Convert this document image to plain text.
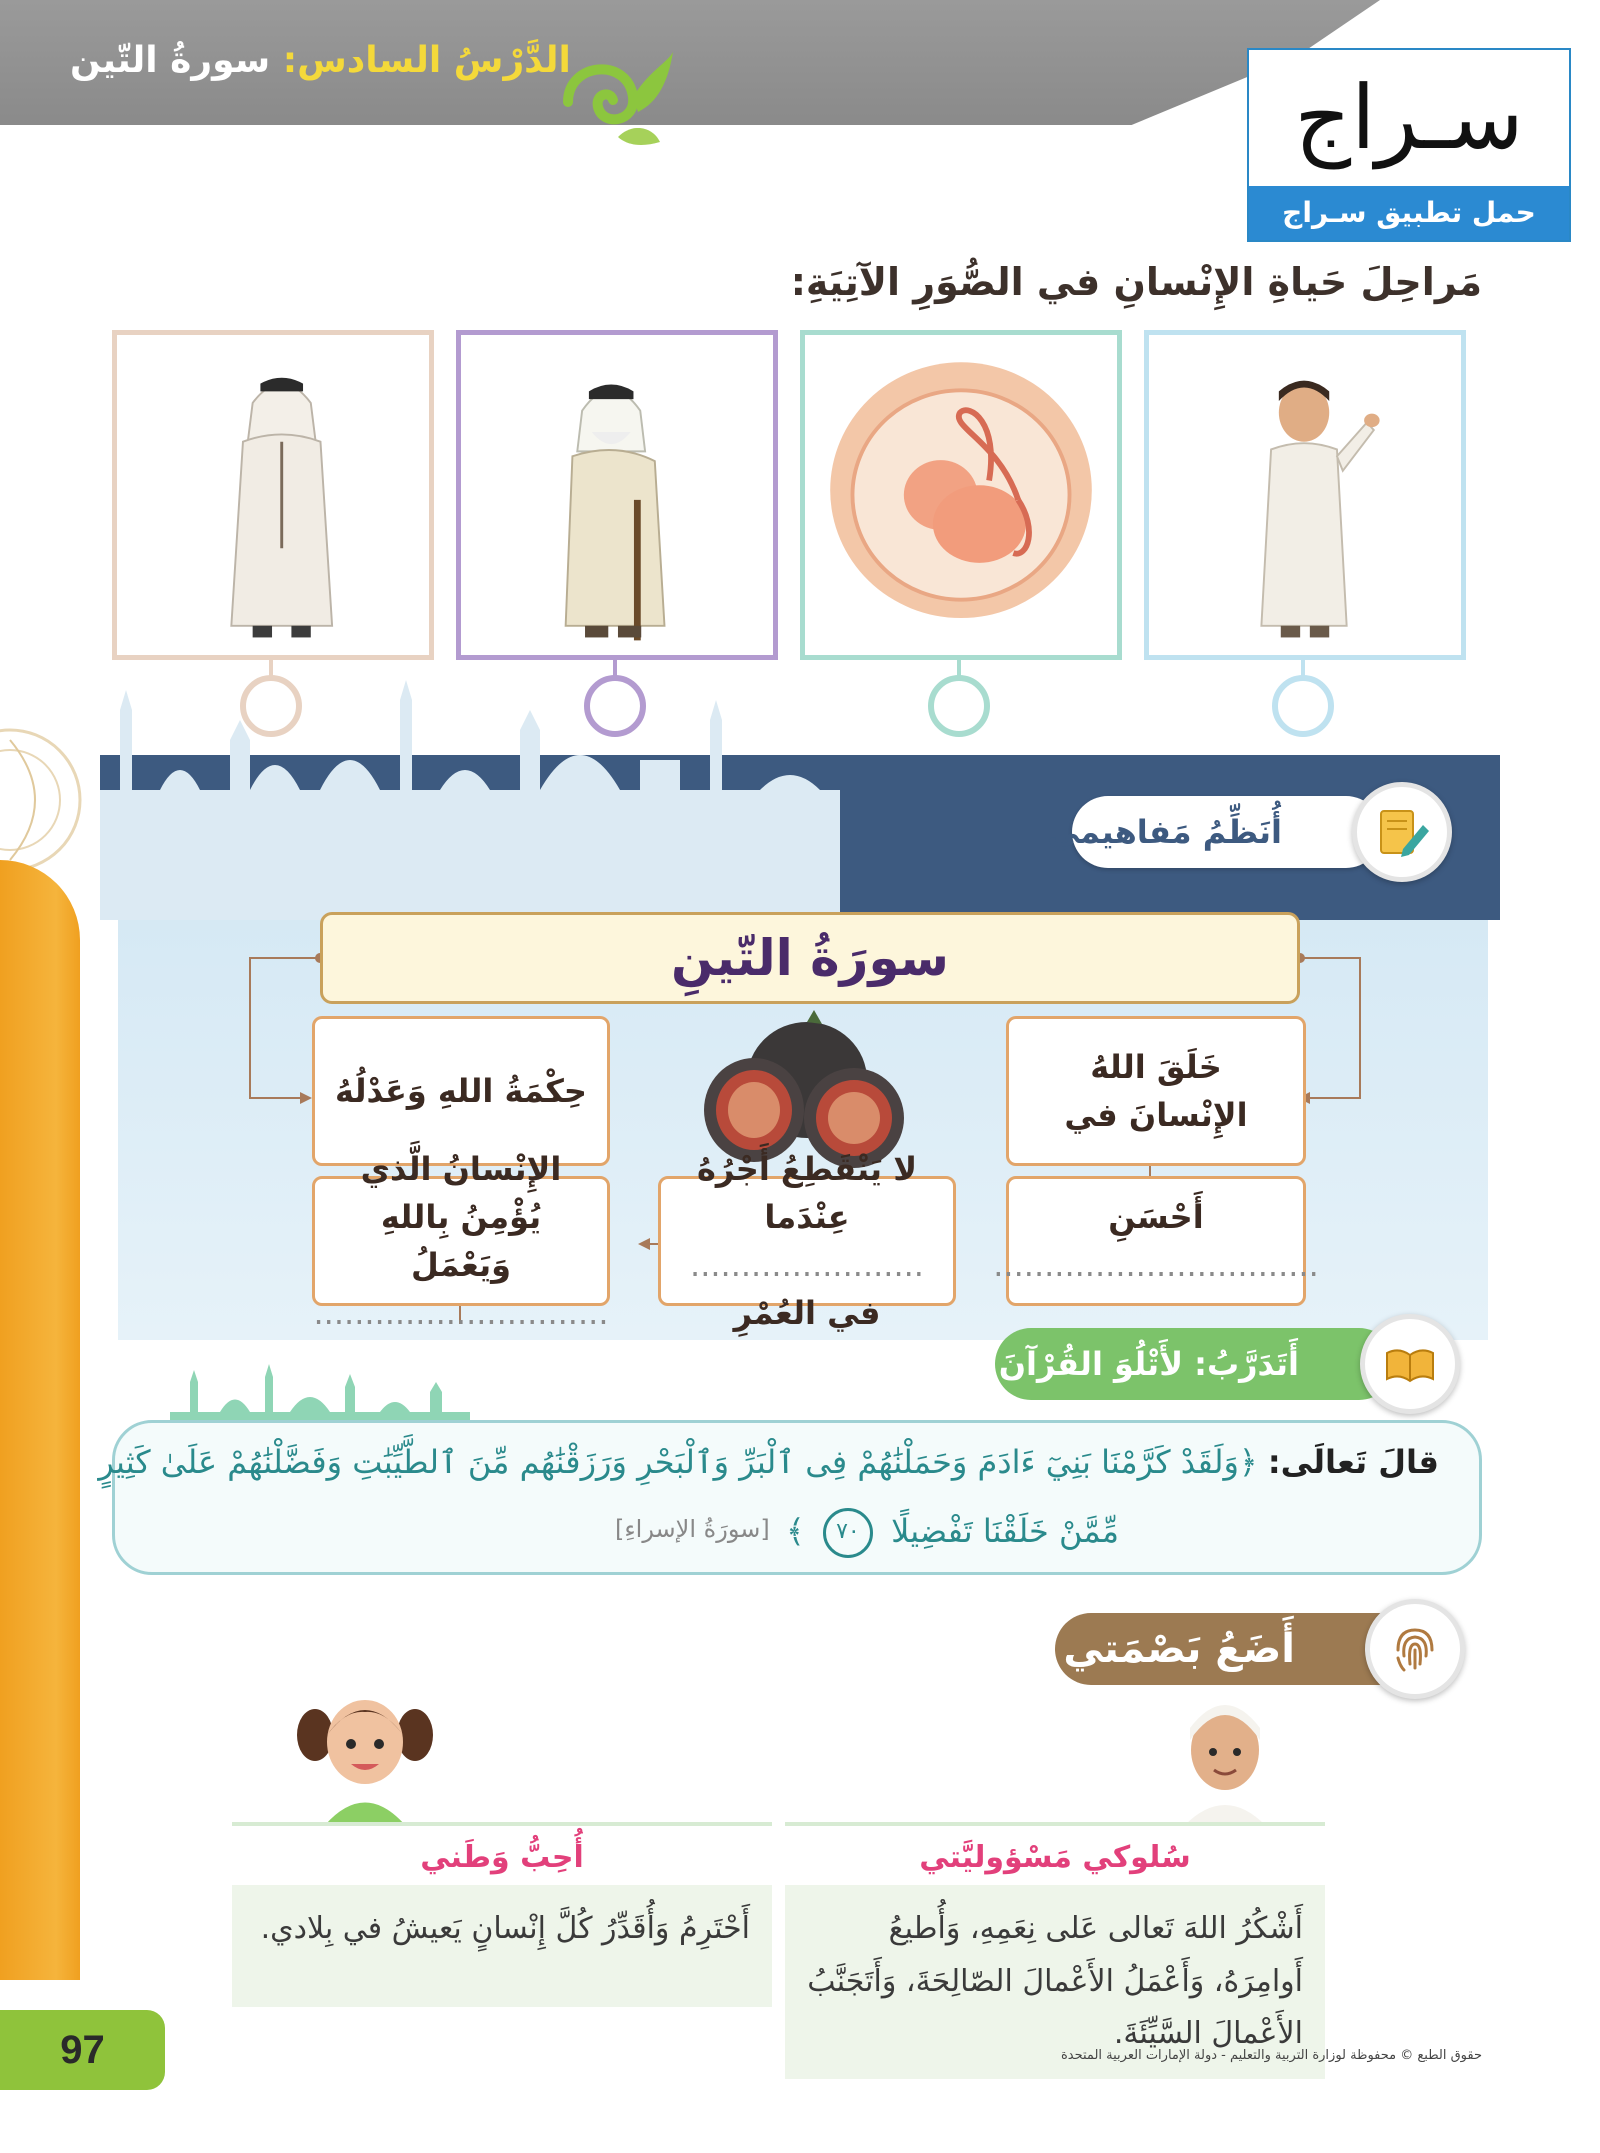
الدَّرْسُ السادس: سورةُ التّين
سـراج
حمل تطبيق سـراج
مَراحِلَ حَياةِ الإِنْسانِ في الصُّوَرِ الآتِيَةِ:
أُنَظِّمُ مَفاهيمي
سورَةُ التّينِ
خَلَقَ اللهُ
الإِنْسانَ في
حِكْمَةُ اللهِ وَعَدْلُهُ
أَحْسَنِ ................................
لا يَنْقَطِعُ أَجْرُهُ عِنْدَما
....................... في العُمْرِ
الإِنْسانُ الَّذي يُؤْمِنُ بِاللهِ
وَيَعْمَلُ .............................
أَتَدَرَّبُ: لأَتْلُوَ القُرْآنَ الكَريمَ
قالَ تَعالَى: ﴿وَلَقَدْ كَرَّمْنَا بَنِيٓ ءَادَمَ وَحَمَلْنَٰهُمْ فِى ٱلْبَرِّ وَٱلْبَحْرِ وَرَزَقْنَٰهُم مِّنَ ٱلطَّيِّبَٰتِ وَفَضَّلْنَٰهُمْ عَلَىٰ كَثِيرٍ
مِّمَّنْ خَلَقْنَا تَفْضِيلًا ٧٠ ﴾
[سورَةُ الإسراءِ]
أَضَعُ بَصْمَتي
سُلوكي مَسْؤوليَّتي
أَشْكُرُ اللهَ تَعالى عَلى نِعَمِهِ، وَأُطيعُ أَوامِرَهُ، وَأَعْمَلُ الأَعْمالَ الصّالِحَةَ، وَأَتَجَنَّبُ الأَعْمالَ السَّيِّئَةَ.
أُحِبُّ وَطَني
أَحْتَرِمُ وَأُقَدِّرُ كُلَّ إِنْسانٍ يَعيشُ في بِلادي.
97	حقوق الطبع © محفوظة لوزارة التربية والتعليم - دولة الإمارات العربية المتحدة
